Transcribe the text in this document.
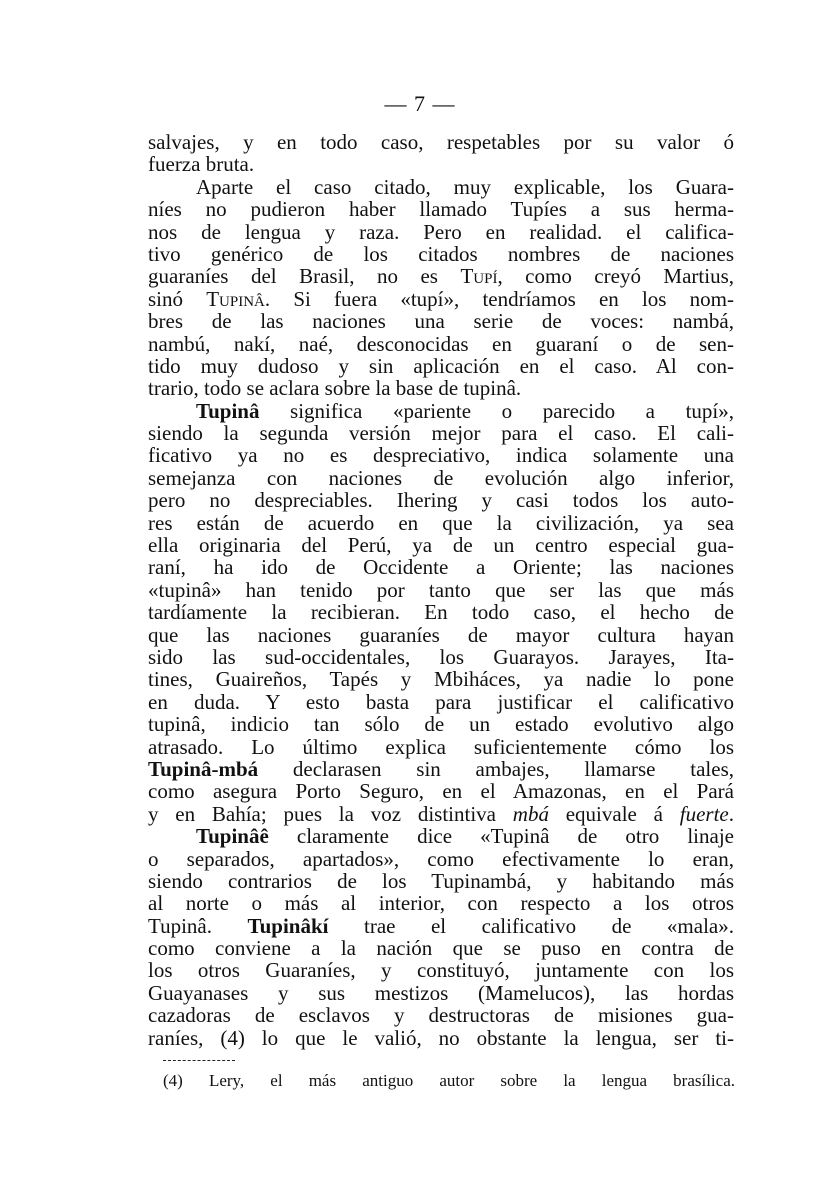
— 7 —
salvajes, y en todo caso, respetables por su valor ó
fuerza bruta.
Aparte el caso citado, muy explicable, los Guara-
níes no pudieron haber llamado Tupíes a sus herma-
nos de lengua y raza. Pero en realidad. el califica-
tivo genérico de los citados nombres de naciones
guaraníes del Brasil, no es Tupí, como creyó Martius,
sinó Tupinâ. Si fuera «tupí», tendríamos en los nom-
bres de las naciones una serie de voces: nambá,
nambú, nakí, naé, desconocidas en guaraní o de sen-
tido muy dudoso y sin aplicación en el caso. Al con-
trario, todo se aclara sobre la base de tupinâ.
Tupinâ significa «pariente o parecido a tupí»,
siendo la segunda versión mejor para el caso. El cali-
ficativo ya no es despreciativo, indica solamente una
semejanza con naciones de evolución algo inferior,
pero no despreciables. Ihering y casi todos los auto-
res están de acuerdo en que la civilización, ya sea
ella originaria del Perú, ya de un centro especial gua-
raní, ha ido de Occidente a Oriente; las naciones
«tupinâ» han tenido por tanto que ser las que más
tardíamente la recibieran. En todo caso, el hecho de
que las naciones guaraníes de mayor cultura hayan
sido las sud-occidentales, los Guarayos. Jarayes, Ita-
tines, Guaireños, Tapés y Mbiháces, ya nadie lo pone
en duda. Y esto basta para justificar el calificativo
tupinâ, indicio tan sólo de un estado evolutivo algo
atrasado. Lo último explica suficientemente cómo los
Tupinâ-mbá declarasen sin ambajes, llamarse tales,
como asegura Porto Seguro, en el Amazonas, en el Pará
y en Bahía; pues la voz distintiva mbá equivale á fuerte.
Tupinâê claramente dice «Tupinâ de otro linaje
o separados, apartados», como efectivamente lo eran,
siendo contrarios de los Tupinambá, y habitando más
al norte o más al interior, con respecto a los otros
Tupinâ. Tupinâkí trae el calificativo de «mala».
como conviene a la nación que se puso en contra de
los otros Guaraníes, y constituyó, juntamente con los
Guayanases y sus mestizos (Mamelucos), las hordas
cazadoras de esclavos y destructoras de misiones gua-
raníes, (4) lo que le valió, no obstante la lengua, ser ti-
(4) Lery, el más antiguo autor sobre la lengua brasílica.
